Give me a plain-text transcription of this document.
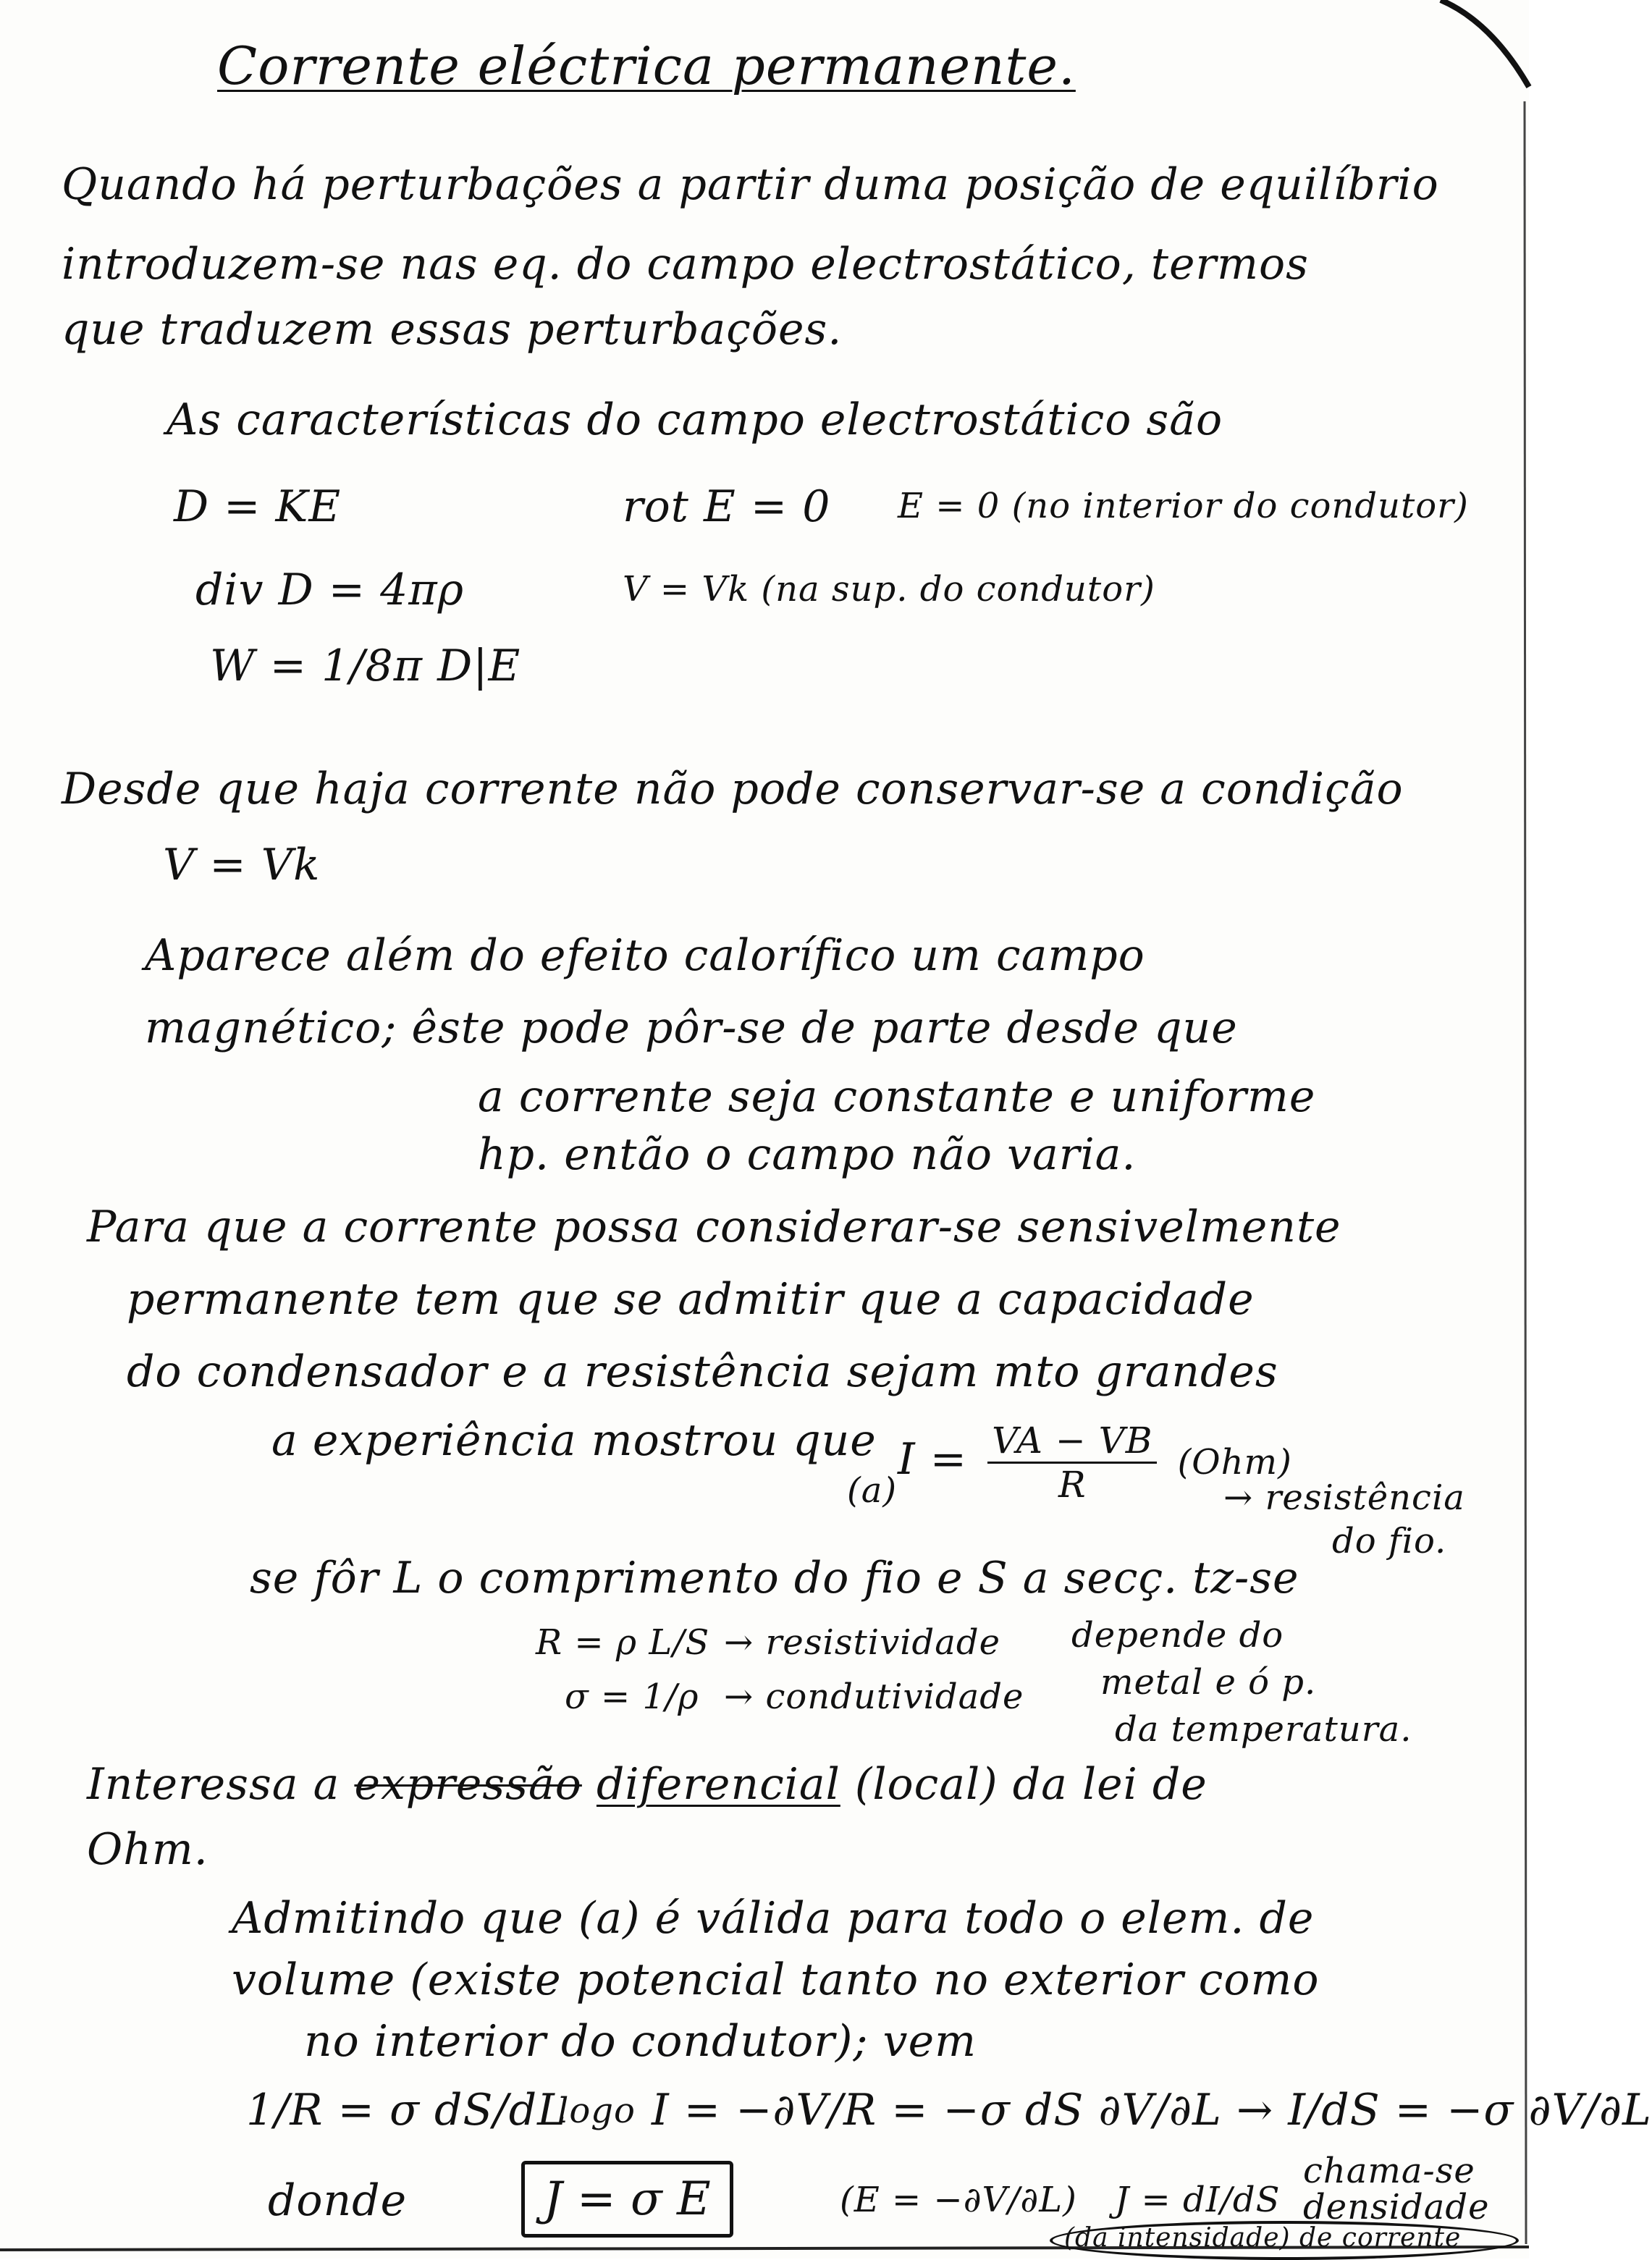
Corrente eléctrica permanente.
Quando há perturbações a partir duma posição de equilíbrio
introduzem-se nas eq. do campo electrostático, termos
que traduzem essas perturbações.
As características do campo electrostático são
D = KE	rot E = 0 E = 0 (no interior do condutor)
div D = 4πρ	V = Vk (na sup. do condutor)
W = 1/8π D|E
Desde que haja corrente não pode conservar-se a condição
V = Vk
Aparece além do efeito calorífico um campo
magnético; êste pode pôr-se de parte desde que
a corrente seja constante e uniforme
hp. então o campo não varia.
Para que a corrente possa considerar-se sensivelmente
permanente tem que se admitir que a capacidade
do condensador e a resistência sejam mto grandes
a experiência mostrou que
(a)
$I = \frac{VA - VB}{R} (Ohm)$
→ resistência
do fio.
se fôr L o comprimento do fio e S a secç. tz-se
R = ρ L/S → resistividade depende do
metal e ó p.
σ = 1/ρ → condutividade
da temperatura.
Interessa a expressão diferencial (local) da lei de
Ohm.
Admitindo que (a) é válida para todo o elem. de
volume (existe potencial tanto no exterior como
no interior do condutor); vem
1/R = σ dS/dL
logo I = −∂V/R = −σ dS ∂V/∂L → I/dS = −σ ∂V/∂L
donde	J = σ E	(E = −∂V/∂L) J = dI/dS
chama-se
densidade
(da intensidade) de corrente
